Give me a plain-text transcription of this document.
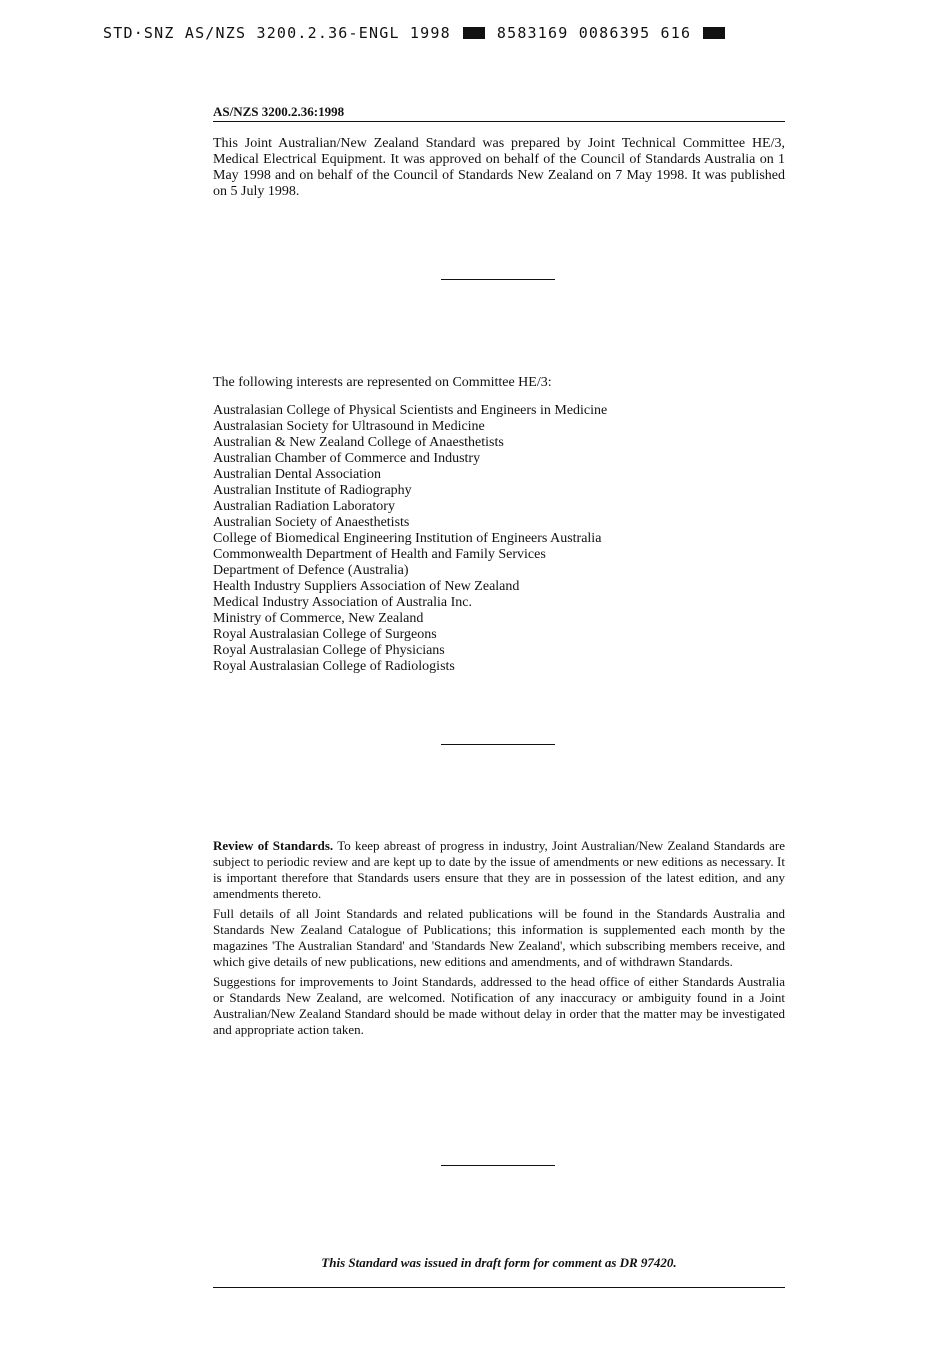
STD·SNZ AS/NZS 3200.2.36-ENGL 1998	8583169 0086395 616
AS/NZS 3200.2.36:1998

This Joint Australian/New Zealand Standard was prepared by Joint Technical Committee HE/3, Medical Electrical Equipment. It was approved on behalf of the Council of Standards Australia on 1 May 1998 and on behalf of the Council of Standards New Zealand on 7 May 1998. It was published on 5 July 1998.

The following interests are represented on Committee HE/3:

Australasian College of Physical Scientists and Engineers in Medicine
Australasian Society for Ultrasound in Medicine
Australian & New Zealand College of Anaesthetists
Australian Chamber of Commerce and Industry
Australian Dental Association
Australian Institute of Radiography
Australian Radiation Laboratory
Australian Society of Anaesthetists
College of Biomedical Engineering Institution of Engineers Australia
Commonwealth Department of Health and Family Services
Department of Defence (Australia)
Health Industry Suppliers Association of New Zealand
Medical Industry Association of Australia Inc.
Ministry of Commerce, New Zealand
Royal Australasian College of Surgeons
Royal Australasian College of Physicians
Royal Australasian College of Radiologists

Review of Standards. To keep abreast of progress in industry, Joint Australian/New Zealand Standards are subject to periodic review and are kept up to date by the issue of amendments or new editions as necessary. It is important therefore that Standards users ensure that they are in possession of the latest edition, and any amendments thereto.

Full details of all Joint Standards and related publications will be found in the Standards Australia and Standards New Zealand Catalogue of Publications; this information is supplemented each month by the magazines 'The Australian Standard' and 'Standards New Zealand', which subscribing members receive, and which give details of new publications, new editions and amendments, and of withdrawn Standards.

Suggestions for improvements to Joint Standards, addressed to the head office of either Standards Australia or Standards New Zealand, are welcomed. Notification of any inaccuracy or ambiguity found in a Joint Australian/New Zealand Standard should be made without delay in order that the matter may be investigated and appropriate action taken.

This Standard was issued in draft form for comment as DR 97420.
